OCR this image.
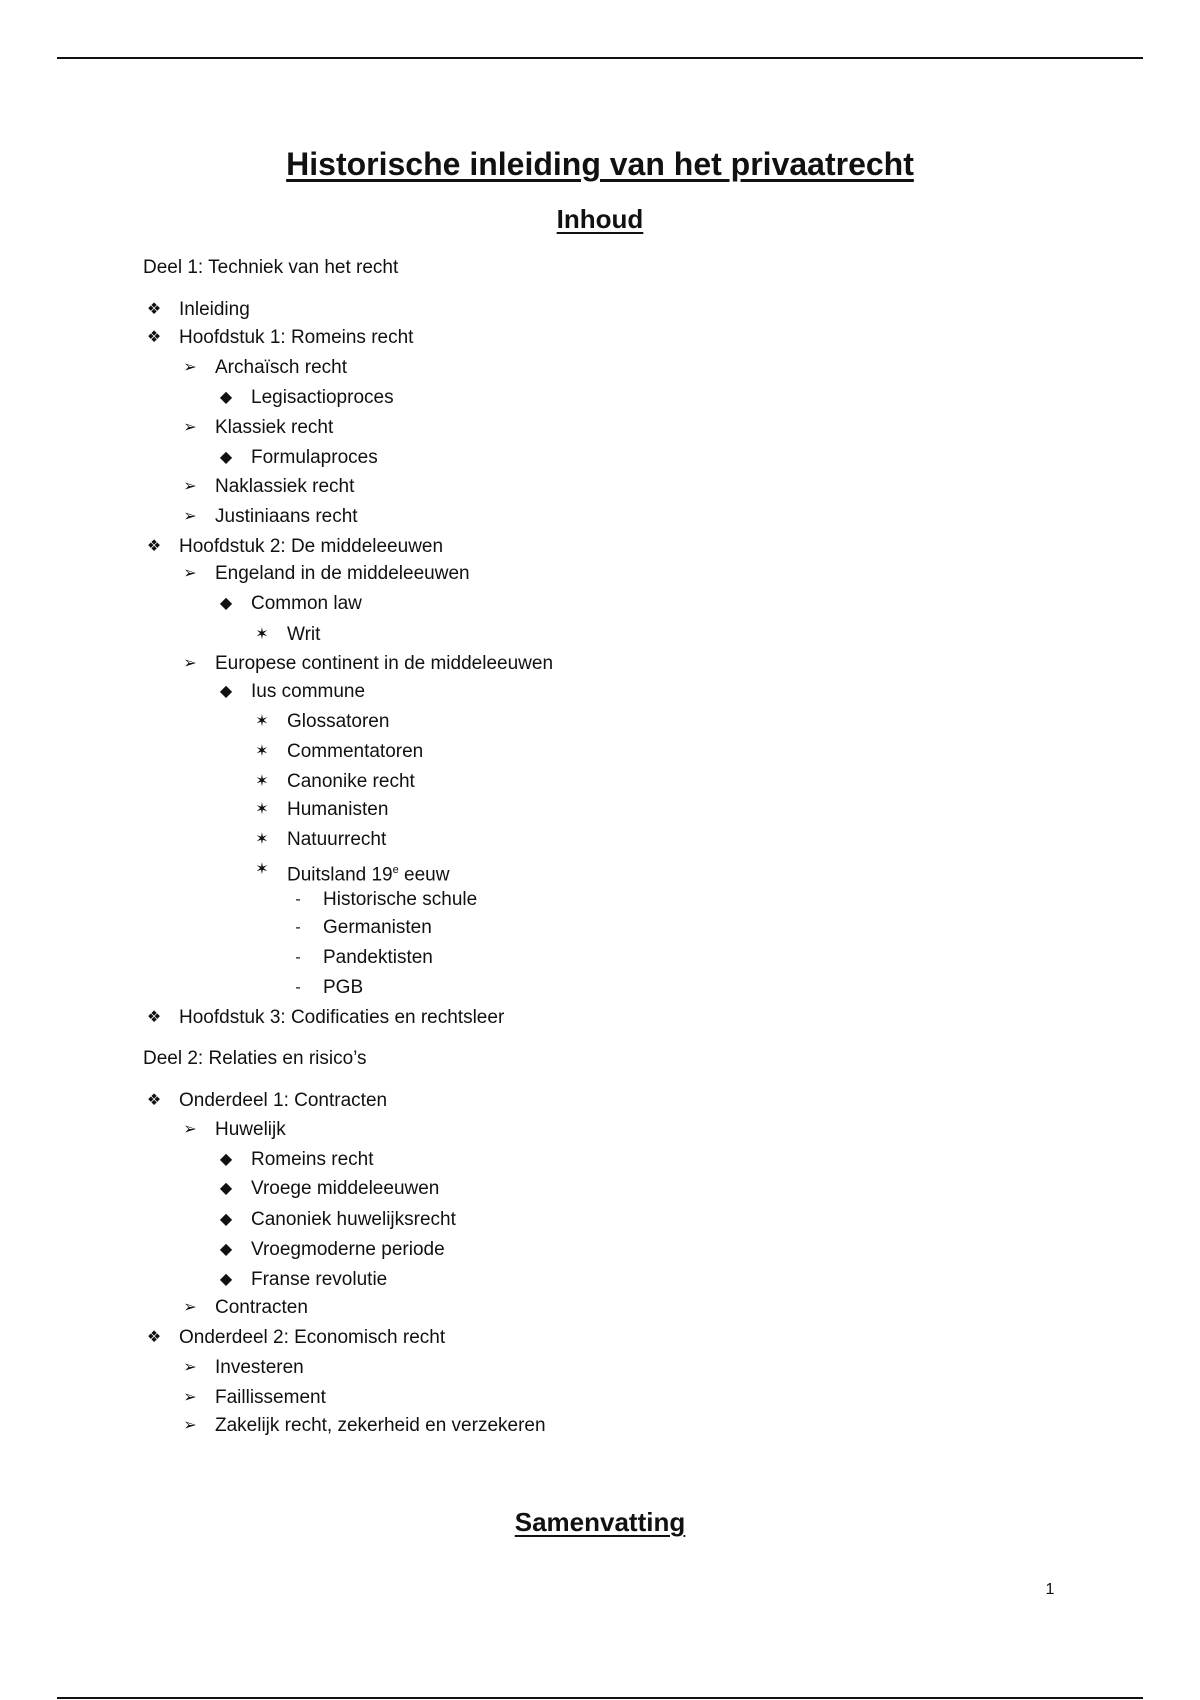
Historische inleiding van het privaatrecht
Inhoud
Deel 1: Techniek van het recht
❖ Inleiding
❖ Hoofdstuk 1: Romeins recht
➢ Archaïsch recht
◆ Legisactioproces
➢ Klassiek recht
◆ Formulaproces
➢ Naklassiek recht
➢ Justiniaans recht
❖ Hoofdstuk 2: De middeleeuwen
➢ Engeland in de middeleeuwen
◆ Common law
✶ Writ
➢ Europese continent in de middeleeuwen
◆ Ius commune
✶ Glossatoren
✶ Commentatoren
✶ Canonike recht
✶ Humanisten
✶ Natuurrecht
✶ Duitsland 19e eeuw
-	Historische schule
-	Germanisten
-	Pandektisten
-	PGB
❖ Hoofdstuk 3: Codificaties en rechtsleer
Deel 2: Relaties en risico’s
❖ Onderdeel 1: Contracten
➢ Huwelijk
◆ Romeins recht
◆ Vroege middeleeuwen
◆ Canoniek huwelijksrecht
◆ Vroegmoderne periode
◆ Franse revolutie
➢ Contracten
❖ Onderdeel 2: Economisch recht
➢ Investeren
➢ Faillissement
➢ Zakelijk recht, zekerheid en verzekeren
Samenvatting
1
